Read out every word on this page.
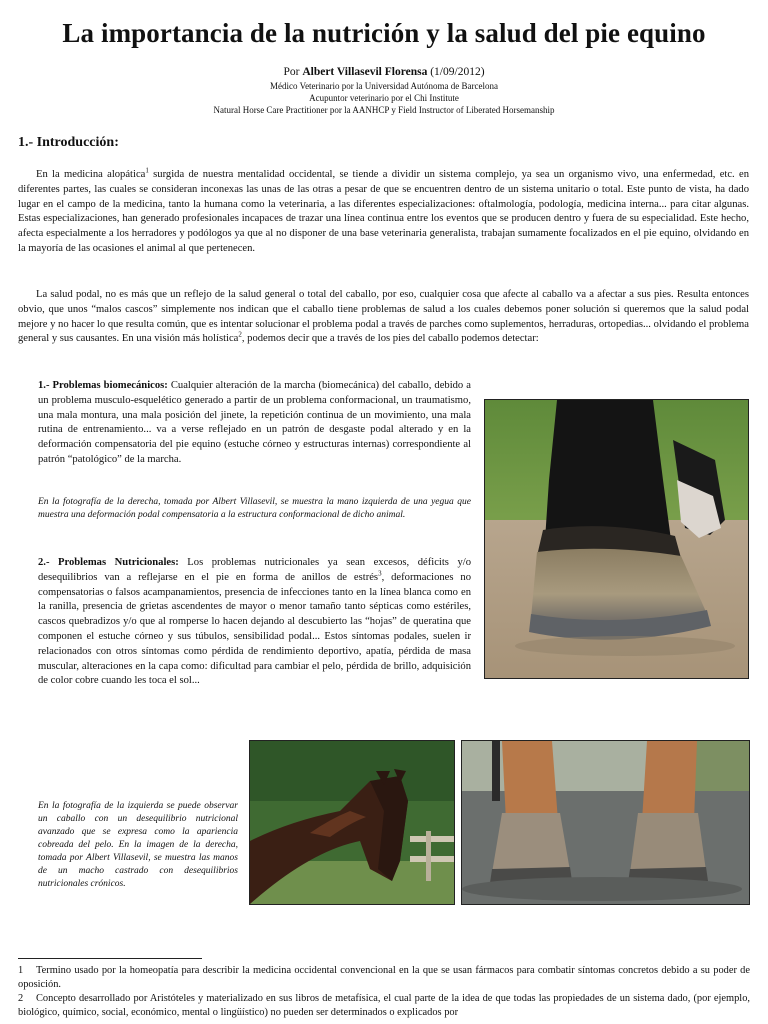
La importancia de la nutrición y la salud del pie equino
Por Albert Villasevil Florensa (1/09/2012)
Médico Veterinario por la Universidad Autónoma de Barcelona
Acupuntor veterinario por el Chi Institute
Natural Horse Care Practitioner por la AANHCP y Field Instructor of Liberated Horsemanship
1.- Introducción:

En la medicina alopática$^1$ surgida de nuestra mentalidad occidental, se tiende a dividir un sistema complejo, ya sea un organismo vivo, una enfermedad, etc. en diferentes partes, las cuales se consideran inconexas las unas de las otras a pesar de que se encuentren dentro de un sistema unitario o total. Este punto de vista, ha dado lugar en el campo de la medicina, tanto la humana como la veterinaria, a las diferentes especializaciones: oftalmología, podología, medicina interna... para citar algunas. Estas especializaciones, han generado profesionales incapaces de trazar una línea continua entre los eventos que se producen dentro y fuera de su especialidad. Este hecho, afecta especialmente a los herradores y podólogos ya que al no disponer de una base veterinaria generalista, trabajan sumamente focalizados en el pie equino, olvidando en la mayoría de las ocasiones el animal al que pertenecen.

La salud podal, no es más que un reflejo de la salud general o total del caballo, por eso, cualquier cosa que afecte al caballo va a afectar a sus pies. Resulta entonces obvio, que unos “malos cascos” simplemente nos indican que el caballo tiene problemas de salud a los cuales debemos poner solución si queremos que la salud podal mejore y no hacer lo que resulta común, que es intentar solucionar el problema podal a través de parches como suplementos, herraduras, ortopedias... olvidando el problema general y sus causantes. En una visión más holística$^2$, podemos decir que a través de los pies del caballo podemos detectar:

1.- Problemas biomecánicos: Cualquier alteración de la marcha (biomecánica) del caballo, debido a un problema musculo-esquelético generado a partir de un problema conformacional, un traumatismo, una mala montura, una mala posición del jinete, la repetición continua de un movimiento, una mala rutina de entrenamiento... va a verse reflejado en un patrón de desgaste podal alterado y en la deformación compensatoria del pie equino (estuche córneo y estructuras internas) correspondiente al patrón “patológico” de la marcha.

En la fotografía de la derecha, tomada por Albert Villasevil, se muestra la mano izquierda de una yegua que muestra una deformación podal compensatoria a la estructura conformacional de dicho animal.

2.- Problemas Nutricionales: Los problemas nutricionales ya sean excesos, déficits y/o desequilibrios van a reflejarse en el pie en forma de anillos de estrés$^3$, deformaciones no compensatorias o falsos acampanamientos, presencia de infecciones tanto en la línea blanca como en la ranilla, presencia de grietas ascendentes de mayor o menor tamaño tanto sépticas como estériles, cascos quebradizos y/o que al romperse lo hacen dejando al descubierto las “hojas” de queratina que componen el estuche córneo y sus túbulos, sensibilidad podal... Estos síntomas podales, suelen ir relacionados con otros síntomas como pérdida de rendimiento deportivo, apatía, pérdida de masa muscular, alteraciones en la capa como: dificultad para cambiar el pelo, pérdida de brillo, adquisición de color cobre cuando les toca el sol...

En la fotografía de la izquierda se puede observar un caballo con un desequilibrio nutricional avanzado que se expresa como la apariencia cobreada del pelo. En la imagen de la derecha, tomada por Albert Villasevil, se muestra las manos de un macho castrado con desequilibrios nutricionales crónicos.

1 Termino usado por la homeopatía para describir la medicina occidental convencional en la que se usan fármacos para combatir síntomas concretos debido a su poder de oposición.
2 Concepto desarrollado por Aristóteles y materializado en sus libros de metafísica, el cual parte de la idea de que todas las propiedades de un sistema dado, (por ejemplo, biológico, químico, social, económico, mental o lingüístico) no pueden ser determinados o explicados por
